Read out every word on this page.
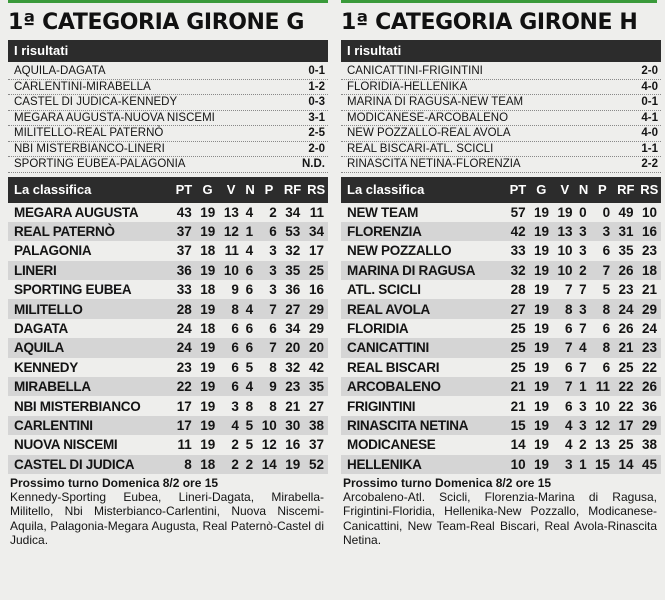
1ª CATEGORIA GIRONE G
I risultati
AQUILA-DAGATA	0-1
CARLENTINI-MIRABELLA	1-2
CASTEL DI JUDICA-KENNEDY	0-3
MEGARA AUGUSTA-NUOVA NISCEMI	3-1
MILITELLO-REAL PATERNÒ	2-5
NBI MISTERBIANCO-LINERI	2-0
SPORTING EUBEA-PALAGONIA	N.D.
La classifica	PT	G	V	N	P	RF	RS
MEGARA AUGUSTA	43	19	13	4	2	34	11
REAL PATERNÒ	37	19	12	1	6	53	34
PALAGONIA	37	18	11	4	3	32	17
LINERI	36	19	10	6	3	35	25
SPORTING EUBEA	33	18	9	6	3	36	16
MILITELLO	28	19	8	4	7	27	29
DAGATA	24	18	6	6	6	34	29
AQUILA	24	19	6	6	7	20	20
KENNEDY	23	19	6	5	8	32	42
MIRABELLA	22	19	6	4	9	23	35
NBI MISTERBIANCO	17	19	3	8	8	21	27
CARLENTINI	17	19	4	5	10	30	38
NUOVA NISCEMI	11	19	2	5	12	16	37
CASTEL DI JUDICA	8	18	2	2	14	19	52
Prossimo turno Domenica 8/2 ore 15
Kennedy-Sporting Eubea, Lineri-Dagata, Mirabella-Militello, Nbi Misterbianco-Carlentini, Nuova Niscemi-Aquila, Palagonia-Megara Augusta, Real Paternò-Castel di Judica.
1ª CATEGORIA GIRONE H
I risultati
CANICATTINI-FRIGINTINI	2-0
FLORIDIA-HELLENIKA	4-0
MARINA DI RAGUSA-NEW TEAM	0-1
MODICANESE-ARCOBALENO	4-1
NEW POZZALLO-REAL AVOLA	4-0
REAL BISCARI-ATL. SCICLI	1-1
RINASCITA NETINA-FLORENZIA	2-2
La classifica	PT	G	V	N	P	RF	RS
NEW TEAM	57	19	19	0	0	49	10
FLORENZIA	42	19	13	3	3	31	16
NEW POZZALLO	33	19	10	3	6	35	23
MARINA DI RAGUSA	32	19	10	2	7	26	18
ATL. SCICLI	28	19	7	7	5	23	21
REAL AVOLA	27	19	8	3	8	24	29
FLORIDIA	25	19	6	7	6	26	24
CANICATTINI	25	19	7	4	8	21	23
REAL BISCARI	25	19	6	7	6	25	22
ARCOBALENO	21	19	7	1	11	22	26
FRIGINTINI	21	19	6	3	10	22	36
RINASCITA NETINA	15	19	4	3	12	17	29
MODICANESE	14	19	4	2	13	25	38
HELLENIKA	10	19	3	1	15	14	45
Prossimo turno Domenica 8/2 ore 15
Arcobaleno-Atl. Scicli, Florenzia-Marina di Ragusa, Frigintini-Floridia, Hellenika-New Pozzallo, Modicanese-Canicattini, New Team-Real Biscari, Real Avola-Rinascita Netina.
